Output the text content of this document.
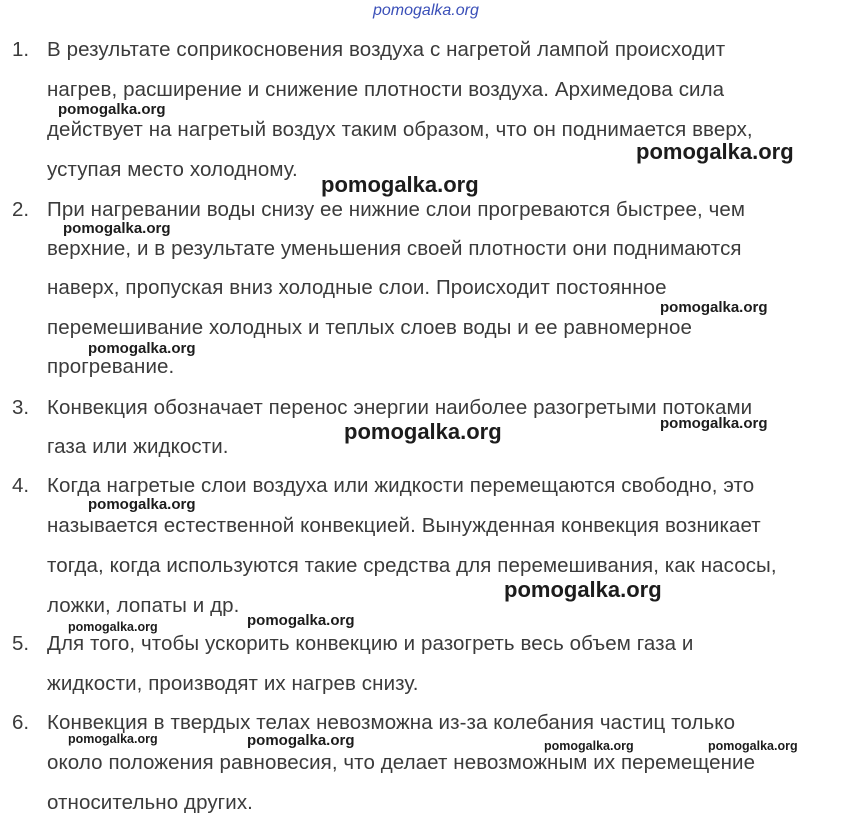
1. В результате соприкосновения воздуха с нагретой лампой происходит
нагрев, расширение и снижение плотности воздуха. Архимедова сила
действует на нагретый воздух таким образом, что он поднимается вверх,
уступая место холодному.
2. При нагревании воды снизу ее нижние слои прогреваются быстрее, чем
верхние, и в результате уменьшения своей плотности они поднимаются
наверх, пропуская вниз холодные слои. Происходит постоянное
перемешивание холодных и теплых слоев воды и ее равномерное
прогревание.
3. Конвекция обозначает перенос энергии наиболее разогретыми потоками
газа или жидкости.
4. Когда нагретые слои воздуха или жидкости перемещаются свободно, это
называется естественной конвекцией. Вынужденная конвекция возникает
тогда, когда используются такие средства для перемешивания, как насосы,
ложки, лопаты и др.
5. Для того, чтобы ускорить конвекцию и разогреть весь объем газа и
жидкости, производят их нагрев снизу.
6. Конвекция в твердых телах невозможна из-за колебания частиц только
около положения равновесия, что делает невозможным их перемещение
относительно других.
pomogalka.org
pomogalka.org
pomogalka.org
pomogalka.org
pomogalka.org
pomogalka.org
pomogalka.org
pomogalka.org	pomogalka.org
pomogalka.org
pomogalka.org
pomogalka.org
pomogalka.org
pomogalka.org	pomogalka.org	pomogalka.org	pomogalka.org
